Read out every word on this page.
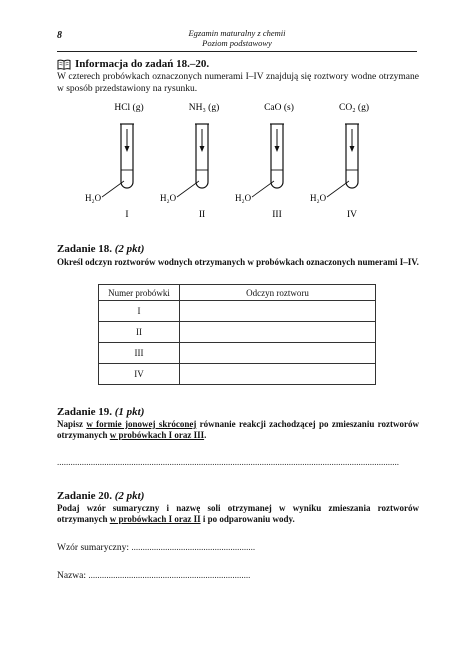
8	Egzamin maturalny z chemii
Poziom podstawowy
Informacja do zadań 18.–20.
W czterech probówkach oznaczonych numerami I–IV znajdują się roztwory wodne otrzymane w sposób przedstawiony na rysunku.
HCl (g)
H₂O
I
NH₃ (g)
H₂O
II
CaO (s)
H₂O
III
CO₂ (g)
H₂O
IV
Zadanie 18. (2 pkt)
Określ odczyn roztworów wodnych otrzymanych w probówkach oznaczonych numerami I–IV.
Numer probówki	Odczyn roztworu
I	
II	
III	
IV	
Zadanie 19. (1 pkt)
Napisz w formie jonowej skróconej równanie reakcji zachodzącej po zmieszaniu roztworów otrzymanych w probówkach I oraz III.
........................................................................................................................................................
Zadanie 20. (2 pkt)
Podaj wzór sumaryczny i nazwę soli otrzymanej w wyniku zmieszania roztworów otrzymanych w probówkach I oraz II i po odparowaniu wody.
Wzór sumaryczny: .......................................................
Nazwa: ........................................................................
